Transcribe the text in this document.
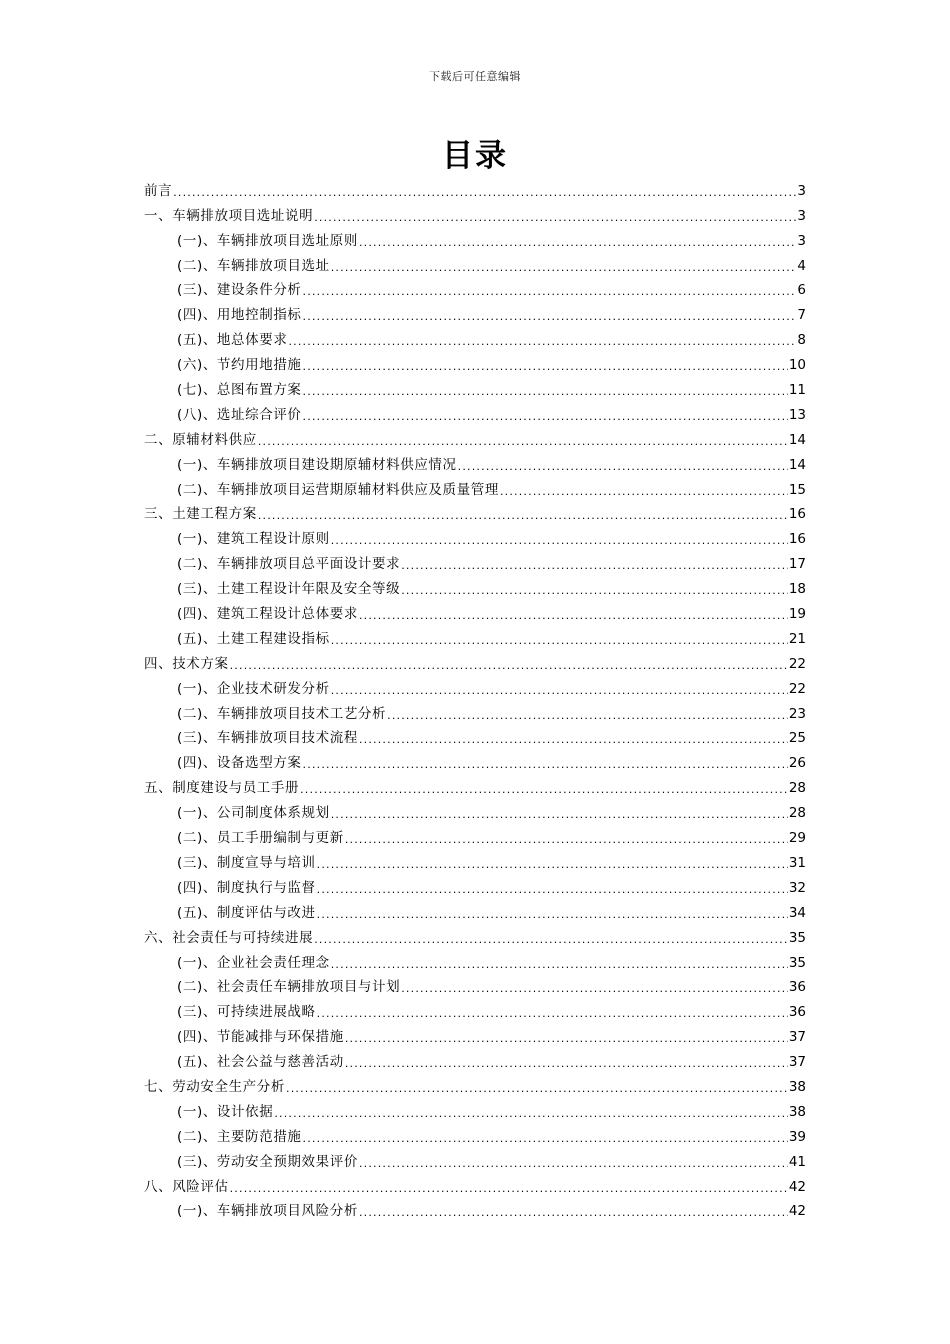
下载后可任意编辑
目录
前言 .....	3
一、车辆排放项目选址说明 .....	3
(一)、车辆排放项目选址原则 .....	3
(二)、车辆排放项目选址 .....	4
(三)、建设条件分析 .....	6
(四)、用地控制指标 .....	7
(五)、地总体要求 .....	8
(六)、节约用地措施 .....	10
(七)、总图布置方案 .....	11
(八)、选址综合评价 .....	13
二、原辅材料供应 .....	14
(一)、车辆排放项目建设期原辅材料供应情况 .....	14
(二)、车辆排放项目运营期原辅材料供应及质量管理 .....	15
三、土建工程方案 .....	16
(一)、建筑工程设计原则 .....	16
(二)、车辆排放项目总平面设计要求 .....	17
(三)、土建工程设计年限及安全等级 .....	18
(四)、建筑工程设计总体要求 .....	19
(五)、土建工程建设指标 .....	21
四、技术方案 .....	22
(一)、企业技术研发分析 .....	22
(二)、车辆排放项目技术工艺分析 .....	23
(三)、车辆排放项目技术流程 .....	25
(四)、设备选型方案 .....	26
五、制度建设与员工手册 .....	28
(一)、公司制度体系规划 .....	28
(二)、员工手册编制与更新 .....	29
(三)、制度宣导与培训 .....	31
(四)、制度执行与监督 .....	32
(五)、制度评估与改进 .....	34
六、社会责任与可持续进展 .....	35
(一)、企业社会责任理念 .....	35
(二)、社会责任车辆排放项目与计划 .....	36
(三)、可持续进展战略 .....	36
(四)、节能减排与环保措施 .....	37
(五)、社会公益与慈善活动 .....	37
七、劳动安全生产分析 .....	38
(一)、设计依据 .....	38
(二)、主要防范措施 .....	39
(三)、劳动安全预期效果评价 .....	41
八、风险评估 .....	42
(一)、车辆排放项目风险分析 .....	42
